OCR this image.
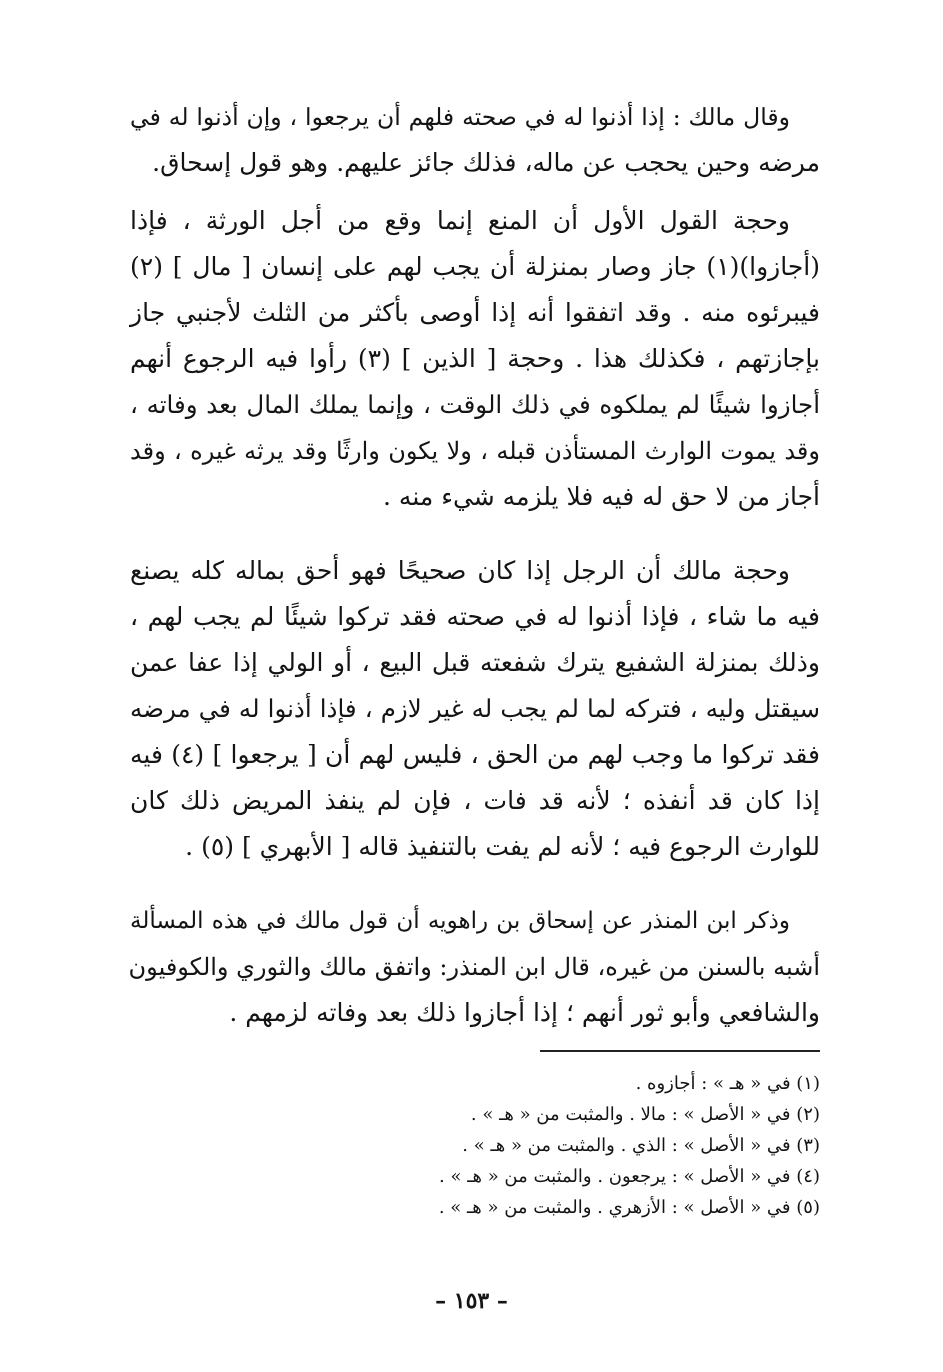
وقال مالك : إذا أذنوا له في صحته فلهم أن يرجعوا ، وإن أذنوا له في

مرضه وحين يحجب عن ماله، فذلك جائز عليهم. وهو قول إسحاق.

وحجة القول الأول أن المنع إنما وقع من أجل الورثة ، فإذا

(أجازوا)(١) جاز وصار بمنزلة أن يجب لهم على إنسان [ مال ] (٢)

فيبرئوه منه . وقد اتفقوا أنه إذا أوصى بأكثر من الثلث لأجنبي جاز

بإجازتهم ، فكذلك هذا . وحجة [ الذين ] (٣) رأوا فيه الرجوع أنهم

أجازوا شيئًا لم يملكوه في ذلك الوقت ، وإنما يملك المال بعد وفاته ،

وقد يموت الوارث المستأذن قبله ، ولا يكون وارثًا وقد يرثه غيره ، وقد

أجاز من لا حق له فيه فلا يلزمه شيء منه .

وحجة مالك أن الرجل إذا كان صحيحًا فهو أحق بماله كله يصنع

فيه ما شاء ، فإذا أذنوا له في صحته فقد تركوا شيئًا لم يجب لهم ،

وذلك بمنزلة الشفيع يترك شفعته قبل البيع ، أو الولي إذا عفا عمن

سيقتل وليه ، فتركه لما لم يجب له غير لازم ، فإذا أذنوا له في مرضه

فقد تركوا ما وجب لهم من الحق ، فليس لهم أن [ يرجعوا ] (٤) فيه

إذا كان قد أنفذه ؛ لأنه قد فات ، فإن لم ينفذ المريض ذلك كان

للوارث الرجوع فيه ؛ لأنه لم يفت بالتنفيذ قاله [ الأبهري ] (٥) .

وذكر ابن المنذر عن إسحاق بن راهويه أن قول مالك في هذه المسألة

أشبه بالسنن من غيره، قال ابن المنذر: واتفق مالك والثوري والكوفيون

والشافعي وأبو ثور أنهم ؛ إذا أجازوا ذلك بعد وفاته لزمهم .

(١) في « هـ » : أجازوه .

(٢) في « الأصل » : مالا . والمثبت من « هـ » .

(٣) في « الأصل » : الذي . والمثبت من « هـ » .

(٤) في « الأصل » : يرجعون . والمثبت من « هـ » .

(٥) في « الأصل » : الأزهري . والمثبت من « هـ » .

– ١٥٣ –
